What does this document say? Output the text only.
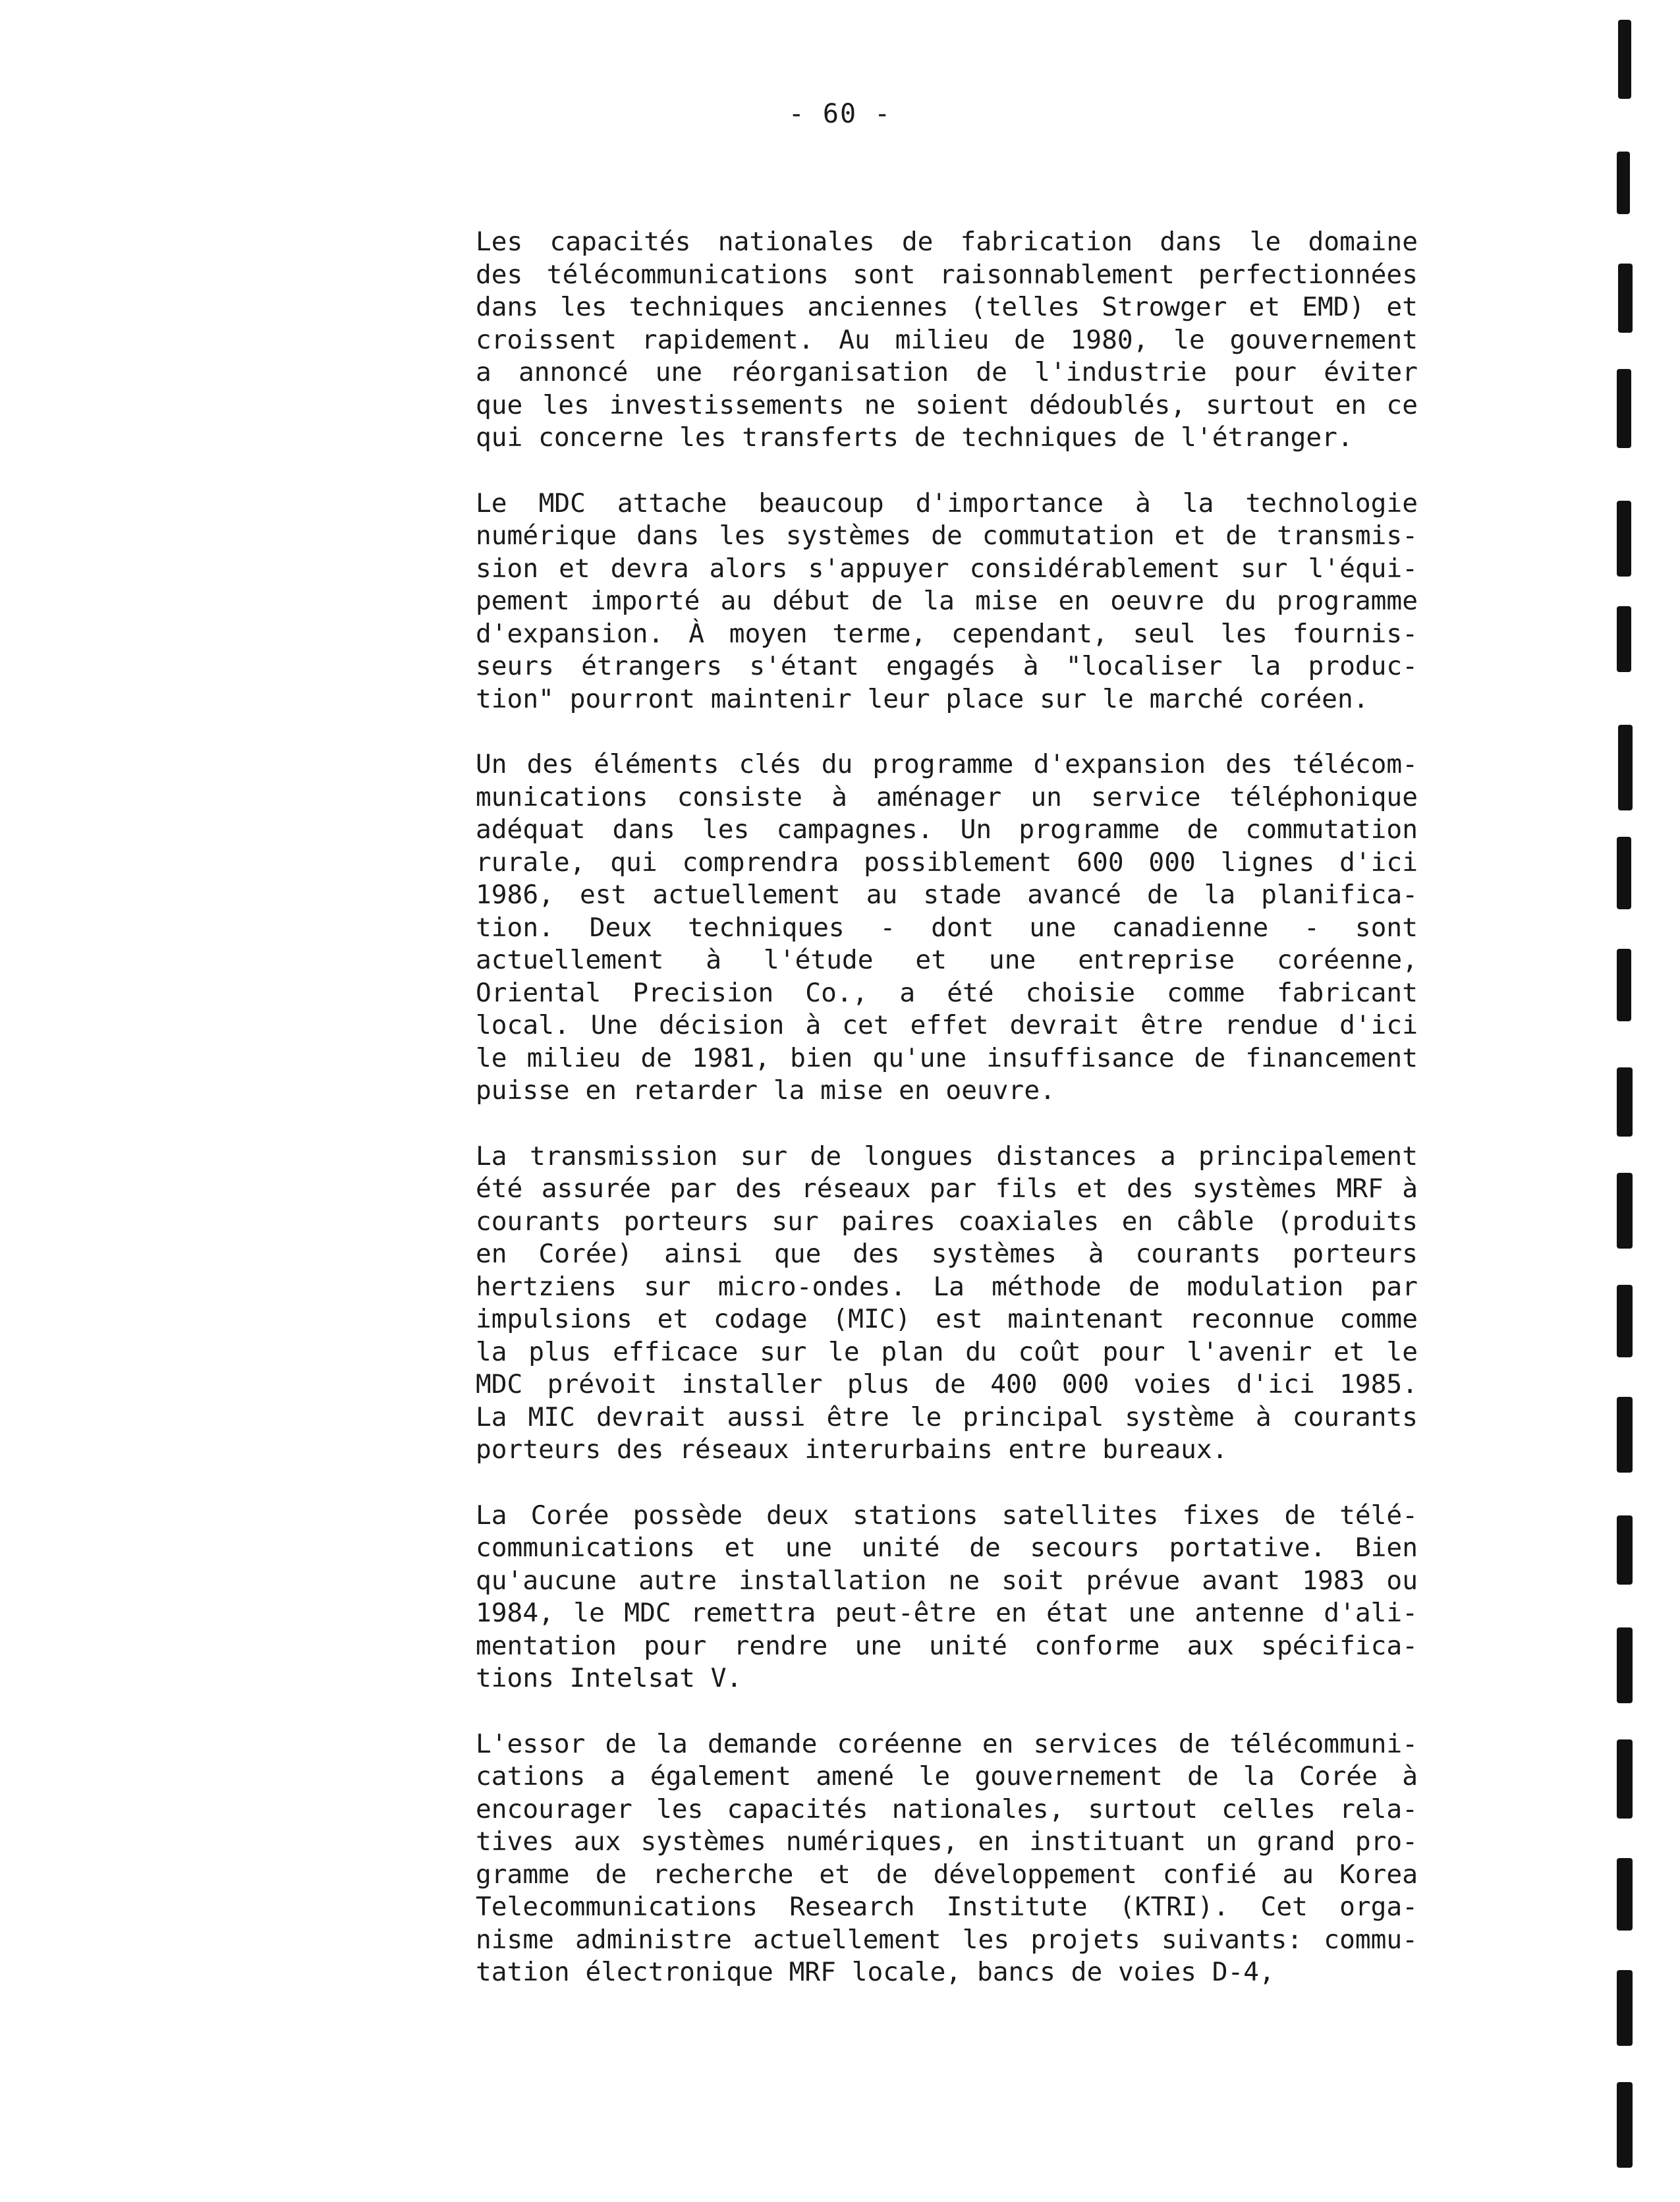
- 60 -
Les capacités nationales de fabrication dans le domaine
des télécommunications sont raisonnablement perfectionnées
dans les techniques anciennes (telles Strowger et EMD) et
croissent rapidement. Au milieu de 1980, le gouvernement
a annoncé une réorganisation de l'industrie pour éviter
que les investissements ne soient dédoublés, surtout en ce
qui concerne les transferts de techniques de l'étranger.
Le MDC attache beaucoup d'importance à la technologie
numérique dans les systèmes de commutation et de transmis-
sion et devra alors s'appuyer considérablement sur l'équi-
pement importé au début de la mise en oeuvre du programme
d'expansion. À moyen terme, cependant, seul les fournis-
seurs étrangers s'étant engagés à "localiser la produc-
tion" pourront maintenir leur place sur le marché coréen.
Un des éléments clés du programme d'expansion des télécom-
munications consiste à aménager un service téléphonique
adéquat dans les campagnes. Un programme de commutation
rurale, qui comprendra possiblement 600 000 lignes d'ici
1986, est actuellement au stade avancé de la planifica-
tion. Deux techniques - dont une canadienne - sont
actuellement à l'étude et une entreprise coréenne,
Oriental Precision Co., a été choisie comme fabricant
local. Une décision à cet effet devrait être rendue d'ici
le milieu de 1981, bien qu'une insuffisance de financement
puisse en retarder la mise en oeuvre.
La transmission sur de longues distances a principalement
été assurée par des réseaux par fils et des systèmes MRF à
courants porteurs sur paires coaxiales en câble (produits
en Corée) ainsi que des systèmes à courants porteurs
hertziens sur micro-ondes. La méthode de modulation par
impulsions et codage (MIC) est maintenant reconnue comme
la plus efficace sur le plan du coût pour l'avenir et le
MDC prévoit installer plus de 400 000 voies d'ici 1985.
La MIC devrait aussi être le principal système à courants
porteurs des réseaux interurbains entre bureaux.
La Corée possède deux stations satellites fixes de télé-
communications et une unité de secours portative. Bien
qu'aucune autre installation ne soit prévue avant 1983 ou
1984, le MDC remettra peut-être en état une antenne d'ali-
mentation pour rendre une unité conforme aux spécifica-
tions Intelsat V.
L'essor de la demande coréenne en services de télécommuni-
cations a également amené le gouvernement de la Corée à
encourager les capacités nationales, surtout celles rela-
tives aux systèmes numériques, en instituant un grand pro-
gramme de recherche et de développement confié au Korea
Telecommunications Research Institute (KTRI). Cet orga-
nisme administre actuellement les projets suivants: commu-
tation électronique MRF locale, bancs de voies D-4,
